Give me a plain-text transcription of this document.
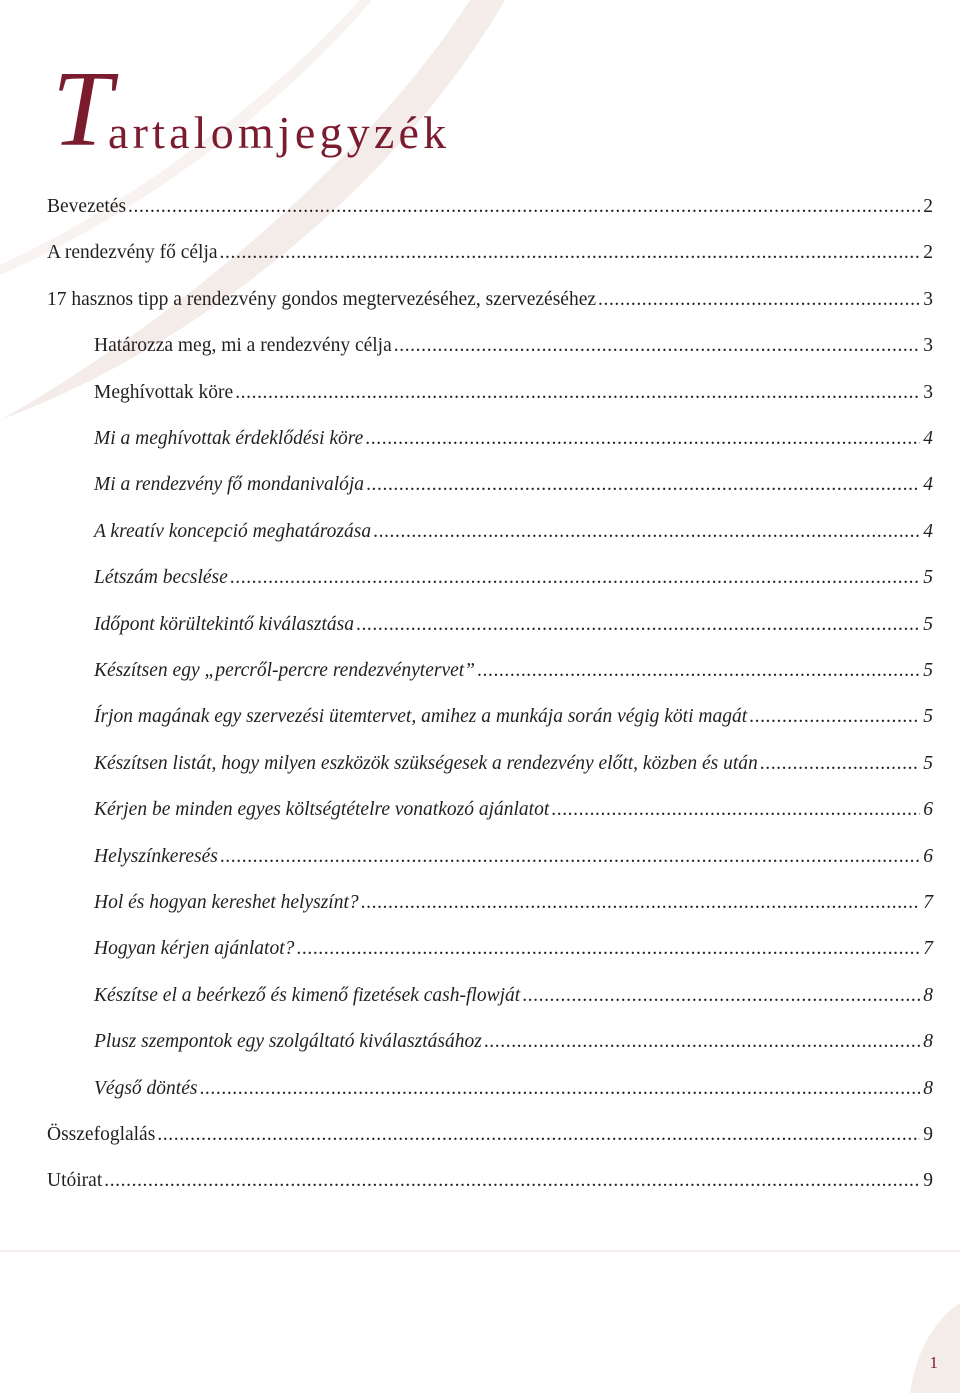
T
artalomjegyzék
Bevezetés .....	2
A rendezvény fő célja .....	2
17 hasznos tipp a rendezvény gondos megtervezéséhez, szervezéséhez .....	3
Határozza meg, mi a rendezvény célja .....	3
Meghívottak köre .....	3
Mi a meghívottak érdeklődési köre .....	4
Mi a rendezvény fő mondanivalója .....	4
A kreatív koncepció meghatározása .....	4
Létszám becslése .....	5
Időpont körültekintő kiválasztása .....	5
Készítsen egy „percről-percre rendezvénytervet” .....	5
Írjon magának egy szervezési ütemtervet, amihez a munkája során végig köti magát .....	5
Készítsen listát, hogy milyen eszközök szükségesek a rendezvény előtt, közben és után .....	5
Kérjen be minden egyes költségtételre vonatkozó ajánlatot .....	6
Helyszínkeresés .....	6
Hol és hogyan kereshet helyszínt? .....	7
Hogyan kérjen ajánlatot? .....	7
Készítse el a beérkező és kimenő fizetések cash-flowját .....	8
Plusz szempontok egy szolgáltató kiválasztásához .....	8
Végső döntés .....	8
Összefoglalás .....	9
Utóirat .....	9
1
